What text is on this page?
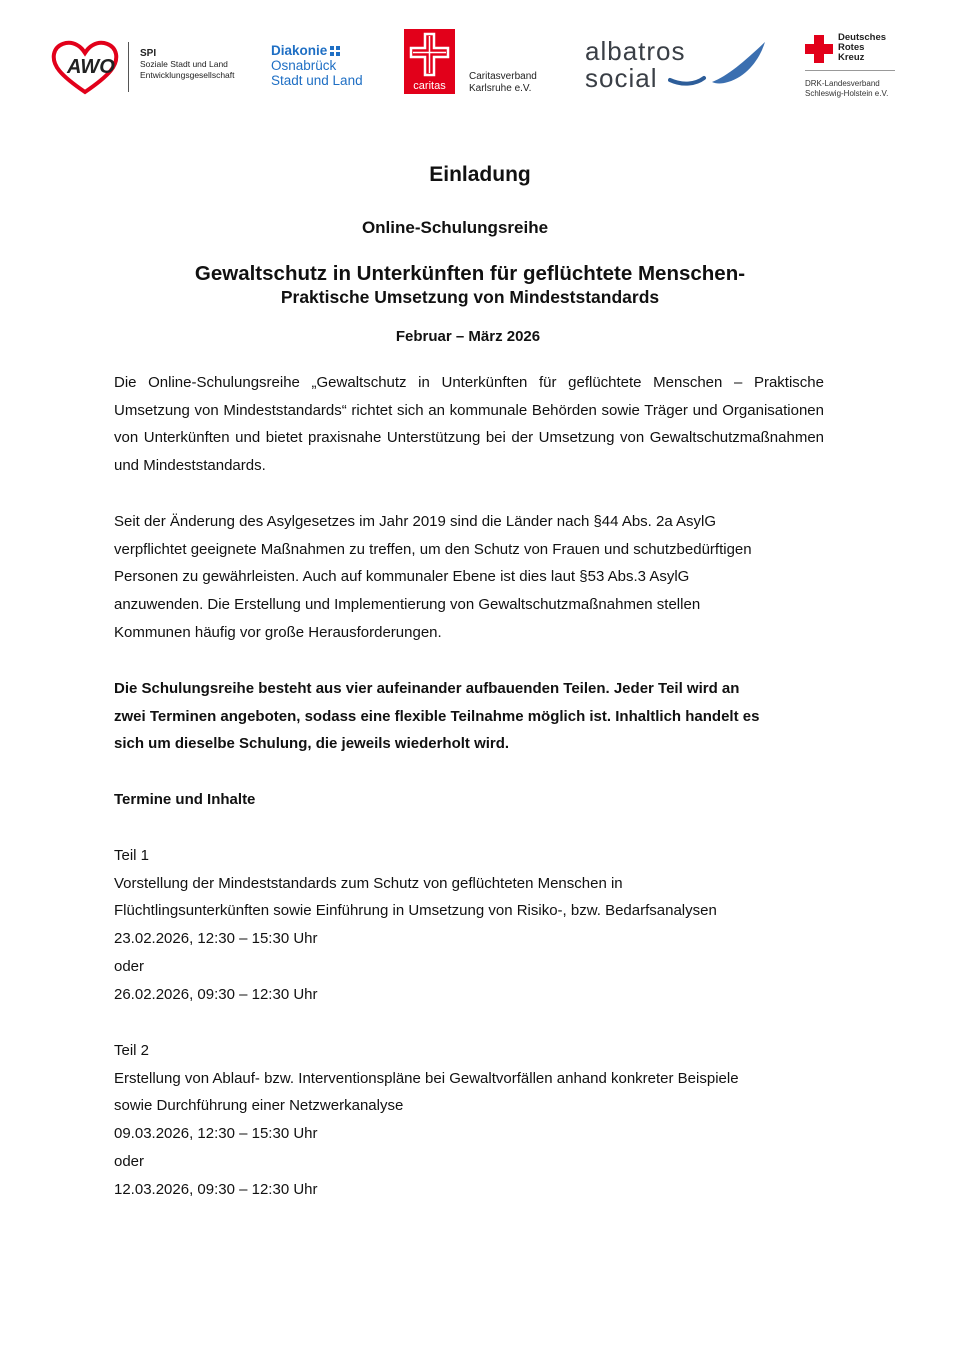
AWO
SPI
Soziale Stadt und Land
Entwicklungsgesellschaft
Diakonie
Osnabrück
Stadt und Land	caritas
Caritasverband
Karlsruhe e.V.
albatros
social
Deutsches
Rotes
Kreuz
DRK-Landesverband
Schleswig-Holstein e.V.
Einladung
Online-Schulungsreihe
Gewaltschutz in Unterkünften für geflüchtete Menschen-
Praktische Umsetzung von Mindeststandards
Februar – März 2026
Die Online-Schulungsreihe „Gewaltschutz in Unterkünften für geflüchtete Menschen – Praktische Umsetzung von Mindeststandards“ richtet sich an kommunale Behörden sowie Träger und Organisationen von Unterkünften und bietet praxisnahe Unterstützung bei der Umsetzung von Gewaltschutzmaßnahmen und Mindeststandards.
Seit der Änderung des Asylgesetzes im Jahr 2019 sind die Länder nach §44 Abs. 2a AsylG
verpflichtet geeignete Maßnahmen zu treffen, um den Schutz von Frauen und schutzbedürftigen
Personen zu gewährleisten. Auch auf kommunaler Ebene ist dies laut §53 Abs.3 AsylG
anzuwenden. Die Erstellung und Implementierung von Gewaltschutzmaßnahmen stellen
Kommunen häufig vor große Herausforderungen.
Die Schulungsreihe besteht aus vier aufeinander aufbauenden Teilen. Jeder Teil wird an
zwei Terminen angeboten, sodass eine flexible Teilnahme möglich ist. Inhaltlich handelt es
sich um dieselbe Schulung, die jeweils wiederholt wird.
Termine und Inhalte
Teil 1
Vorstellung der Mindeststandards zum Schutz von geflüchteten Menschen in
Flüchtlingsunterkünften sowie Einführung in Umsetzung von Risiko-, bzw. Bedarfsanalysen
23.02.2026, 12:30 – 15:30 Uhr
oder
26.02.2026, 09:30 – 12:30 Uhr
Teil 2
Erstellung von Ablauf- bzw. Interventionspläne bei Gewaltvorfällen anhand konkreter Beispiele
sowie Durchführung einer Netzwerkanalyse
09.03.2026, 12:30 – 15:30 Uhr
oder
12.03.2026, 09:30 – 12:30 Uhr
